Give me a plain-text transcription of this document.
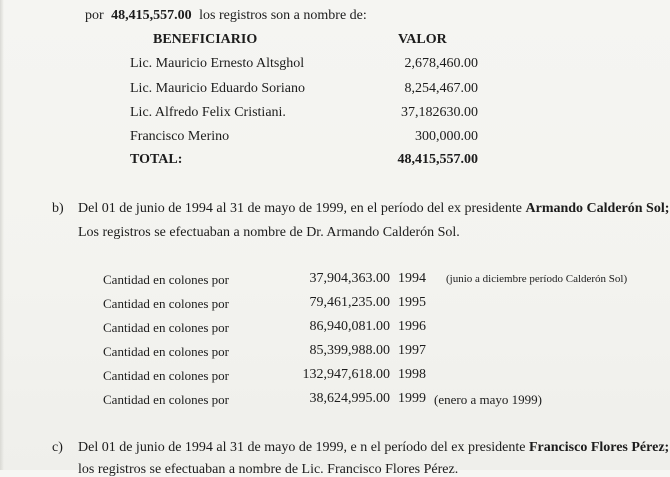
por 48,415,557.00 los registros son a nombre de:
BENEFICIARIO	VALOR
Lic. Mauricio Ernesto Altsghol	2,678,460.00
Lic. Mauricio Eduardo Soriano	8,254,467.00
Lic. Alfredo Felix Cristiani.	37,182630.00
Francisco Merino	300,000.00
TOTAL:	48,415,557.00
b) Del 01 de junio de 1994 al 31 de mayo de 1999, en el período del ex presidente Armando Calderón Sol;
Los registros se efectuaban a nombre de Dr. Armando Calderón Sol.
Cantidad en colones por	37,904,363.00 1994 (junio a diciembre período Calderón Sol)
Cantidad en colones por	79,461,235.00 1995
Cantidad en colones por	86,940,081.00 1996
Cantidad en colones por	85,399,988.00 1997
Cantidad en colones por	132,947,618.00 1998
Cantidad en colones por	38,624,995.00 1999 (enero a mayo 1999)
c) Del 01 de junio de 1994 al 31 de mayo de 1999, e n el período del ex presidente Francisco Flores Pérez;
los registros se efectuaban a nombre de Lic. Francisco Flores Pérez.
